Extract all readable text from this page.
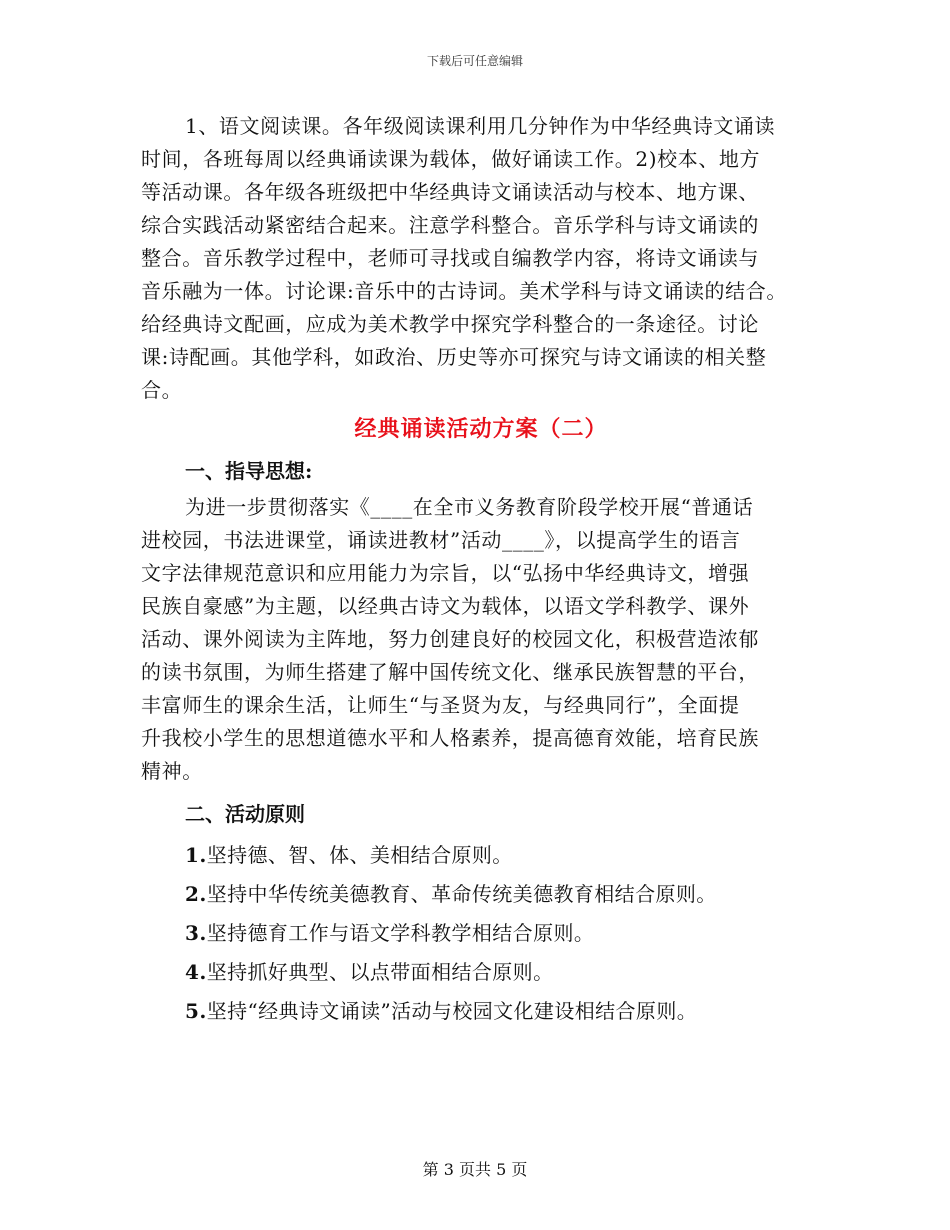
下载后可任意编辑

1、语文阅读课。各年级阅读课利用几分钟作为中华经典诗文诵读
时间，各班每周以经典诵读课为载体，做好诵读工作。2)校本、地方
等活动课。各年级各班级把中华经典诗文诵读活动与校本、地方课、
综合实践活动紧密结合起来。注意学科整合。音乐学科与诗文诵读的
整合。音乐教学过程中，老师可寻找或自编教学内容，将诗文诵读与
音乐融为一体。讨论课:音乐中的古诗词。美术学科与诗文诵读的结合。
给经典诗文配画，应成为美术教学中探究学科整合的一条途径。讨论
课:诗配画。其他学科，如政治、历史等亦可探究与诗文诵读的相关整
合。

经典诵读活动方案（二）
一、指导思想:

为进一步贯彻落实《____在全市义务教育阶段学校开展“普通话
进校园，书法进课堂，诵读进教材”活动____》，以提高学生的语言
文字法律规范意识和应用能力为宗旨，以“弘扬中华经典诗文，增强
民族自豪感”为主题，以经典古诗文为载体，以语文学科教学、课外
活动、课外阅读为主阵地，努力创建良好的校园文化，积极营造浓郁
的读书氛围，为师生搭建了解中国传统文化、继承民族智慧的平台，
丰富师生的课余生活，让师生“与圣贤为友，与经典同行”，全面提
升我校小学生的思想道德水平和人格素养，提高德育效能，培育民族
精神。

二、活动原则
1.坚持德、智、体、美相结合原则。
2.坚持中华传统美德教育、革命传统美德教育相结合原则。
3.坚持德育工作与语文学科教学相结合原则。
4.坚持抓好典型、以点带面相结合原则。
5.坚持“经典诗文诵读”活动与校园文化建设相结合原则。
第 3 页共 5 页
